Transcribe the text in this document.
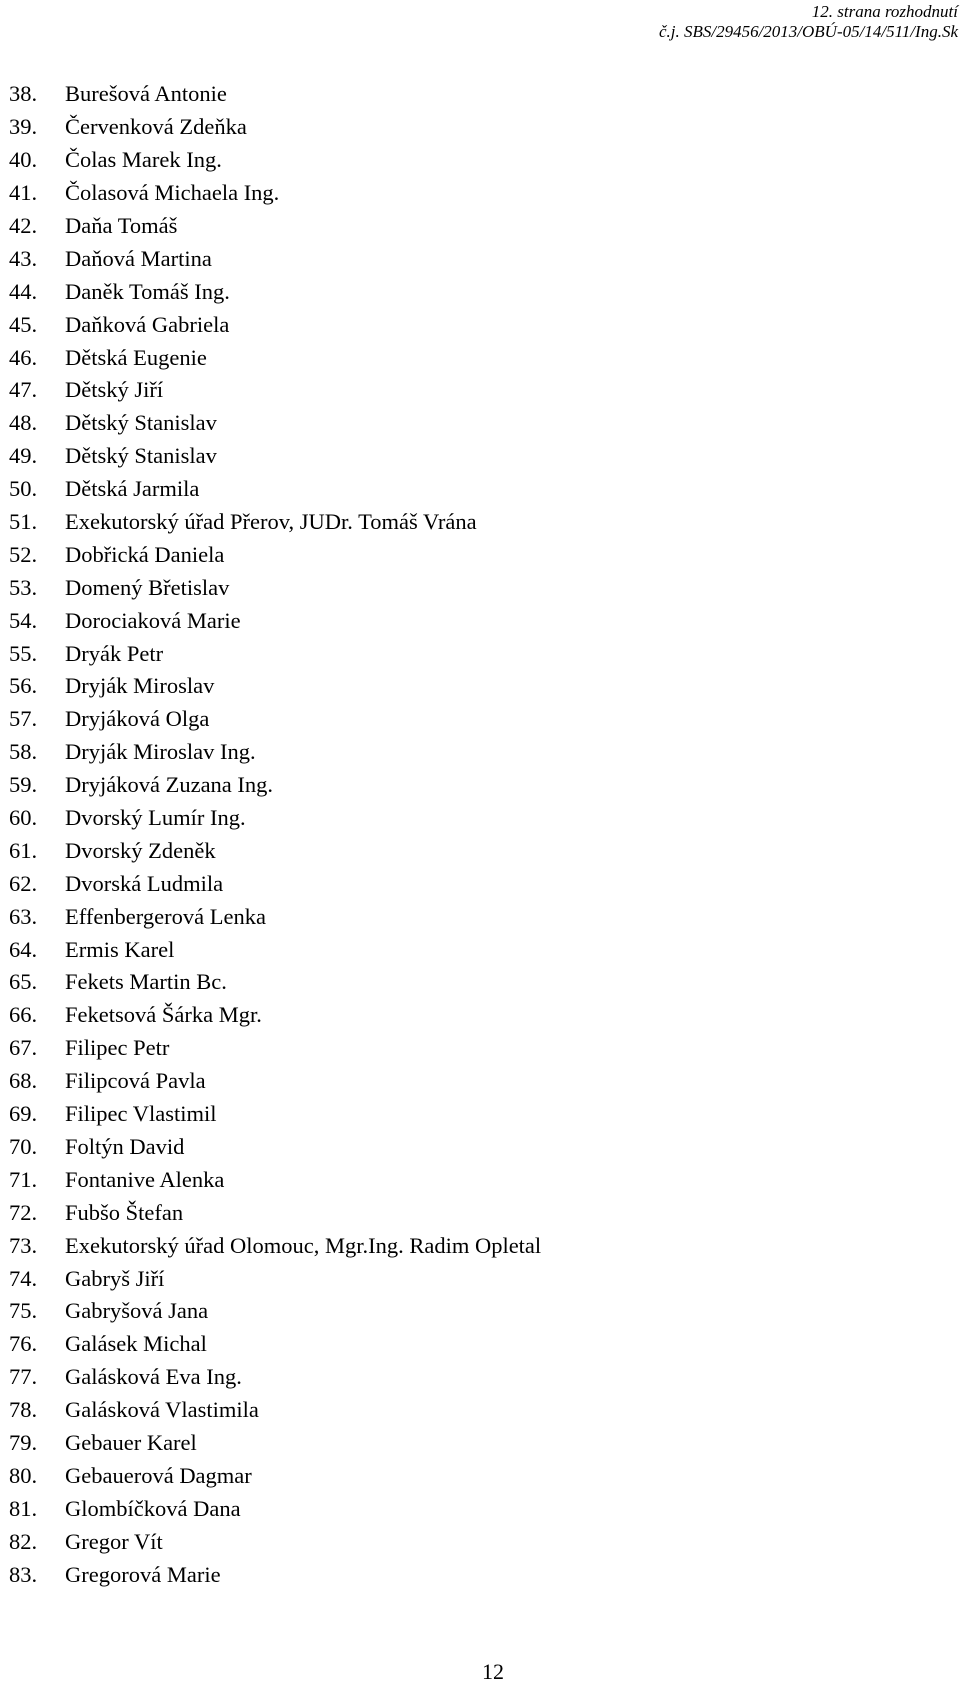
12. strana rozhodnutí
č.j. SBS/29456/2013/OBÚ-05/14/511/Ing.Sk
38.	Burešová Antonie
39.	Červenková Zdeňka
40.	Čolas Marek Ing.
41.	Čolasová Michaela Ing.
42.	Daňa Tomáš
43.	Daňová Martina
44.	Daněk Tomáš Ing.
45.	Daňková Gabriela
46.	Dětská Eugenie
47.	Dětský Jiří
48.	Dětský Stanislav
49.	Dětský Stanislav
50.	Dětská Jarmila
51.	Exekutorský úřad Přerov, JUDr. Tomáš Vrána
52.	Dobřická Daniela
53.	Domený Břetislav
54.	Dorociaková Marie
55.	Dryák Petr
56.	Dryják Miroslav
57.	Dryjáková Olga
58.	Dryják Miroslav Ing.
59.	Dryjáková Zuzana Ing.
60.	Dvorský Lumír Ing.
61.	Dvorský Zdeněk
62.	Dvorská Ludmila
63.	Effenbergerová Lenka
64.	Ermis Karel
65.	Fekets Martin Bc.
66.	Feketsová Šárka Mgr.
67.	Filipec Petr
68.	Filipcová Pavla
69.	Filipec Vlastimil
70.	Foltýn David
71.	Fontanive Alenka
72.	Fubšo Štefan
73.	Exekutorský úřad Olomouc, Mgr.Ing. Radim Opletal
74.	Gabryš Jiří
75.	Gabryšová Jana
76.	Galásek Michal
77.	Galásková Eva Ing.
78.	Galásková Vlastimila
79.	Gebauer Karel
80.	Gebauerová Dagmar
81.	Glombíčková Dana
82.	Gregor Vít
83.	Gregorová Marie
12
